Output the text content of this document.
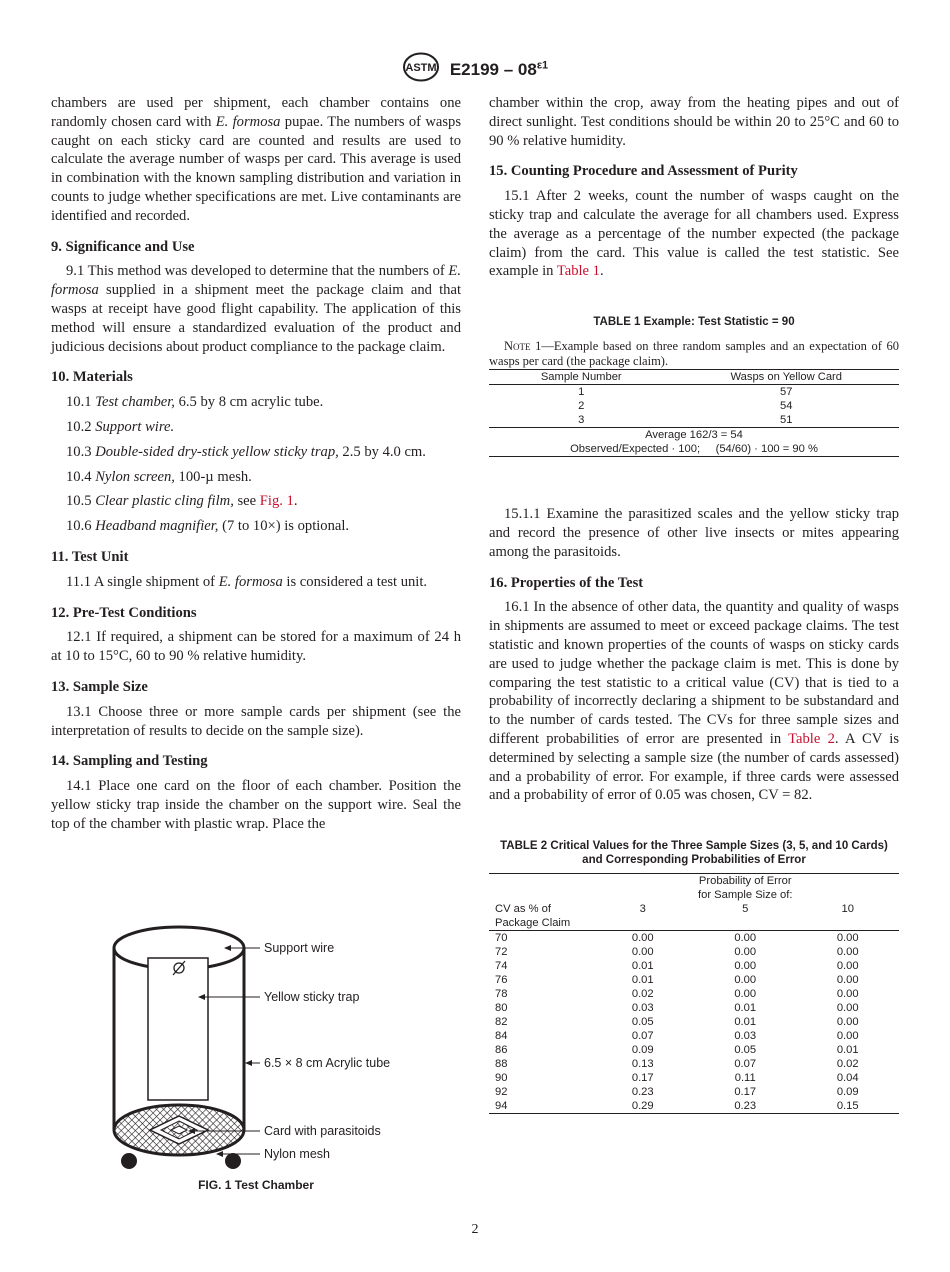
ASTM $E2199 - 08^{\varepsilon 1}$

chambers are used per shipment, each chamber contains one randomly chosen card with E. formosa pupae. The numbers of wasps caught on each sticky card are counted and results are used to calculate the average number of wasps per card. This average is used in combination with the known sampling distribution and variation in counts to judge whether specifications are met. Live contaminants are identified and recorded.

9. Significance and Use

9.1 This method was developed to determine that the numbers of E. formosa supplied in a shipment meet the package claim and that wasps at receipt have good flight capability. The application of this method will ensure a standardized evaluation of the product and judicious decisions about product compliance to the package claim.

10. Materials
10.1 Test chamber, 6.5 by 8 cm acrylic tube.
10.2 Support wire.
10.3 Double-sided dry-stick yellow sticky trap, 2.5 by 4.0 cm.
10.4 Nylon screen, 100-µ mesh.
10.5 Clear plastic cling film, see Fig. 1.
10.6 Headband magnifier, (7 to 10×) is optional.
11. Test Unit

11.1 A single shipment of E. formosa is considered a test unit.

12. Pre-Test Conditions

12.1 If required, a shipment can be stored for a maximum of 24 h at 10 to 15°C, 60 to 90 % relative humidity.

13. Sample Size

13.1 Choose three or more sample cards per shipment (see the interpretation of results to decide on the sample size).

14. Sampling and Testing

14.1 Place one card on the floor of each chamber. Position the yellow sticky trap inside the chamber on the support wire. Seal the top of the chamber with plastic wrap. Place the

Support wire
Yellow sticky trap
6.5 × 8 cm Acrylic tube
Card with parasitoids
Nylon mesh
FIG. 1 Test Chamber

chamber within the crop, away from the heating pipes and out of direct sunlight. Test conditions should be within 20 to 25°C and 60 to 90 % relative humidity.

15. Counting Procedure and Assessment of Purity

15.1 After 2 weeks, count the number of wasps caught on the sticky trap and calculate the average for all chambers used. Express the average as a percentage of the number expected (the package claim) from the card. This value is called the test statistic. See example in Table 1.

TABLE 1 Example: Test Statistic = 90

Note 1—Example based on three random samples and an expectation of 60 wasps per card (the package claim).

Sample Number	Wasps on Yellow Card
1	57
2	54
3	51
Average 162/3 = 54	
Observed/Expected · 100;     (54/60) · 100 = 90 %	

15.1.1 Examine the parasitized scales and the yellow sticky trap and record the presence of other live insects or mites appearing among the parasitoids.

16. Properties of the Test

16.1 In the absence of other data, the quantity and quality of wasps in shipments are assumed to meet or exceed package claims. The test statistic and known properties of the counts of wasps on sticky cards are used to judge whether the package claim is met. This is done by comparing the test statistic to a critical value (CV) that is tied to a probability of incorrectly declaring a shipment to be substandard and to the number of cards tested. The CVs for three sample sizes and different probabilities of error are presented in Table 2. A CV is determined by selecting a sample size (the number of cards assessed) and a probability of error. For example, if three cards were assessed and a probability of error of 0.05 was chosen, CV = 82.

TABLE 2 Critical Values for the Three Sample Sizes (3, 5, and 10 Cards) and Corresponding Probabilities of Error
	Probability of Error
for Sample Size of:		
CV as % of Package Claim	3	5	10
70	0.00	0.00	0.00
72	0.00	0.00	0.00
74	0.01	0.00	0.00
76	0.01	0.00	0.00
78	0.02	0.00	0.00
80	0.03	0.01	0.00
82	0.05	0.01	0.00
84	0.07	0.03	0.00
86	0.09	0.05	0.01
88	0.13	0.07	0.02
90	0.17	0.11	0.04
92	0.23	0.17	0.09
94	0.29	0.23	0.15
2
